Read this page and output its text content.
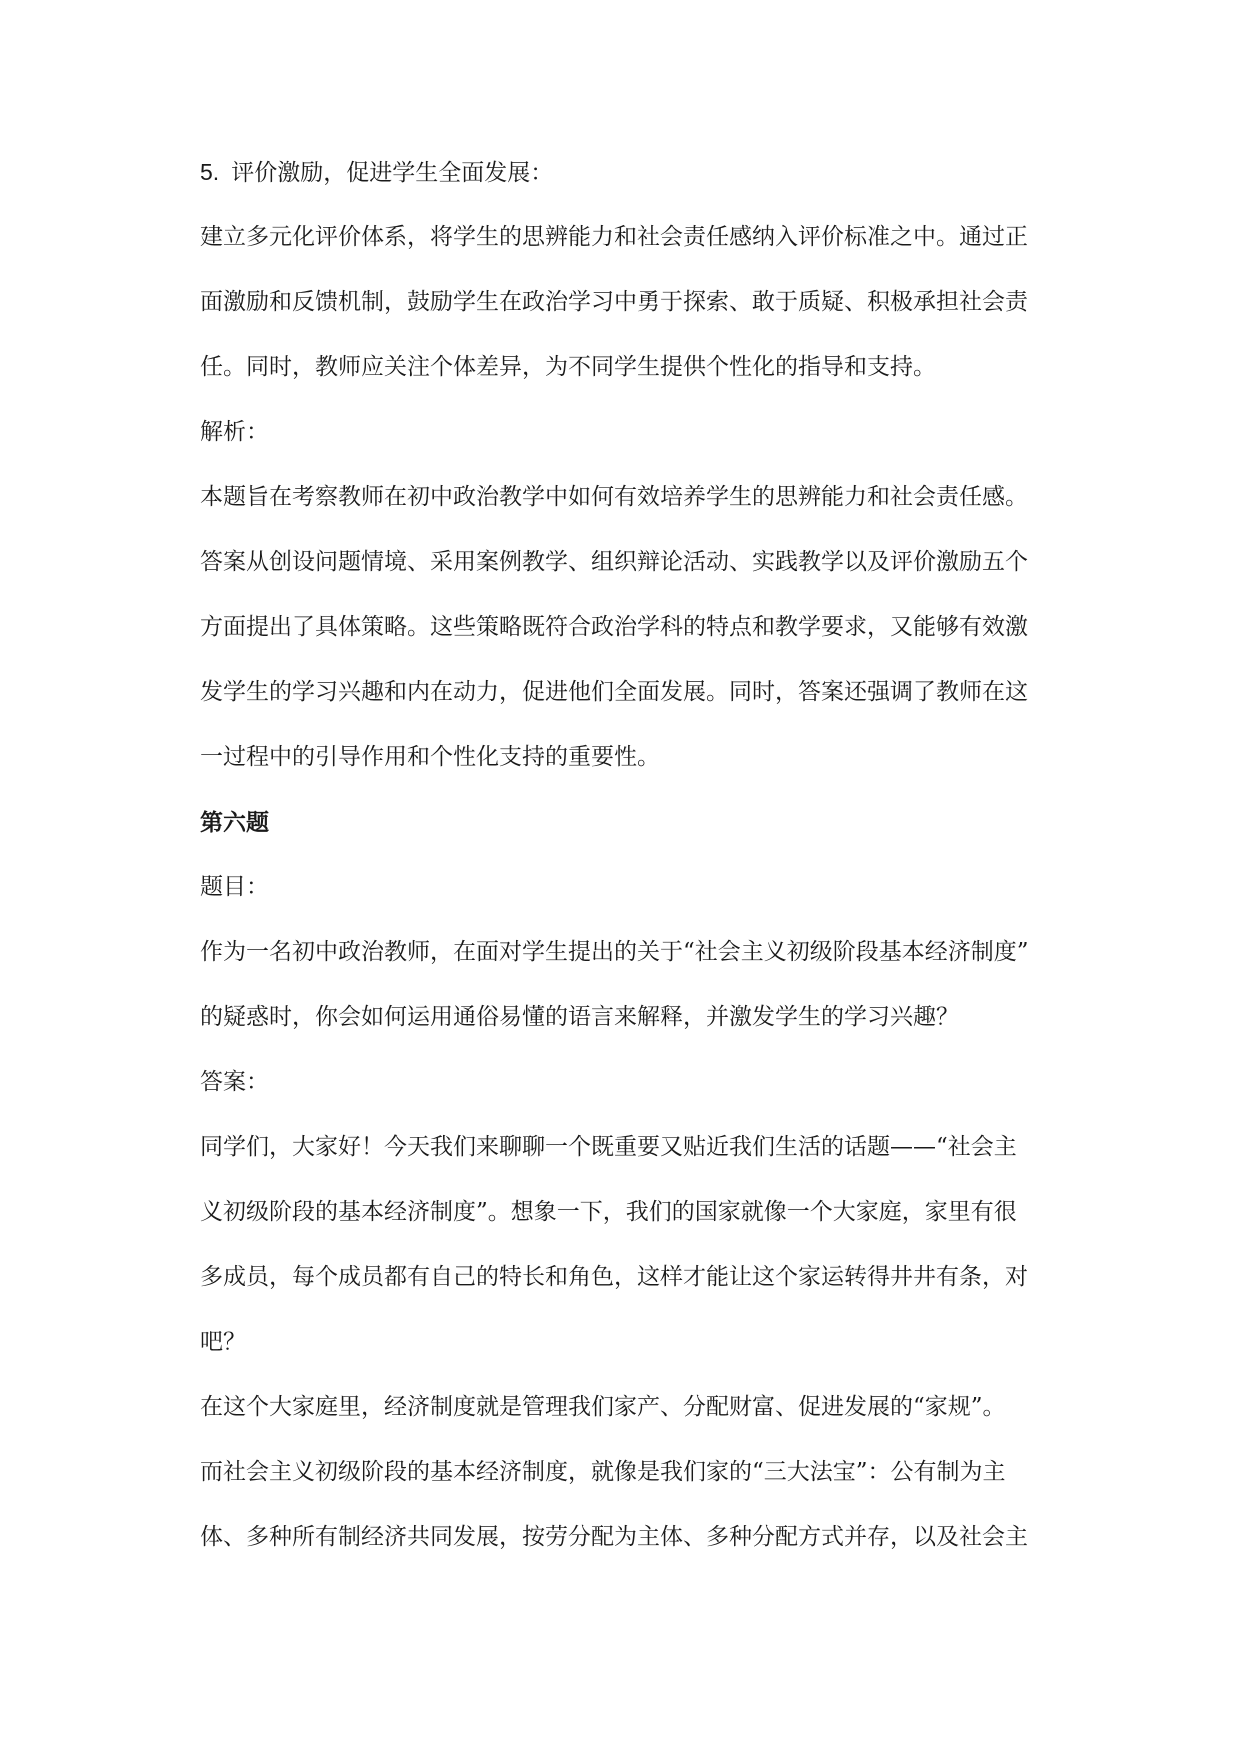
5. 评价激励，促进学生全面发展：
建立多元化评价体系，将学生的思辨能力和社会责任感纳入评价标准之中。通过正
面激励和反馈机制，鼓励学生在政治学习中勇于探索、敢于质疑、积极承担社会责
任。同时，教师应关注个体差异，为不同学生提供个性化的指导和支持。
解析：
本题旨在考察教师在初中政治教学中如何有效培养学生的思辨能力和社会责任感。
答案从创设问题情境、采用案例教学、组织辩论活动、实践教学以及评价激励五个
方面提出了具体策略。这些策略既符合政治学科的特点和教学要求，又能够有效激
发学生的学习兴趣和内在动力，促进他们全面发展。同时，答案还强调了教师在这
一过程中的引导作用和个性化支持的重要性。
第六题
题目：
作为一名初中政治教师，在面对学生提出的关于“社会主义初级阶段基本经济制度”
的疑惑时，你会如何运用通俗易懂的语言来解释，并激发学生的学习兴趣？
答案：
同学们，大家好！今天我们来聊聊一个既重要又贴近我们生活的话题——“社会主
义初级阶段的基本经济制度”。想象一下，我们的国家就像一个大家庭，家里有很
多成员，每个成员都有自己的特长和角色，这样才能让这个家运转得井井有条，对
吧？
在这个大家庭里，经济制度就是管理我们家产、分配财富、促进发展的“家规”。
而社会主义初级阶段的基本经济制度，就像是我们家的“三大法宝”：公有制为主
体、多种所有制经济共同发展，按劳分配为主体、多种分配方式并存，以及社会主
